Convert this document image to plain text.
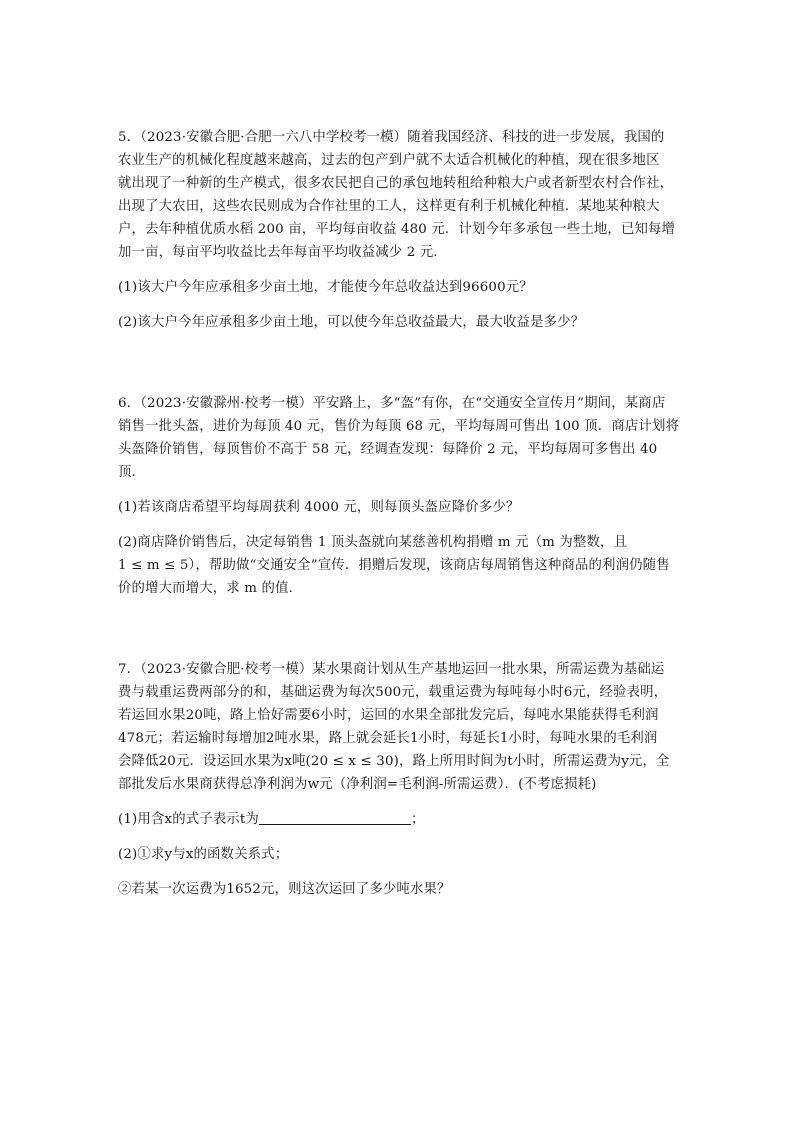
5．（2023·安徽合肥·合肥一六八中学校考一模）随着我国经济、科技的进一步发展，我国的
农业生产的机械化程度越来越高，过去的包产到户就不太适合机械化的种植，现在很多地区
就出现了一种新的生产模式，很多农民把自己的承包地转租给种粮大户或者新型农村合作社，
出现了大农田，这些农民则成为合作社里的工人，这样更有利于机械化种植．某地某种粮大
户，去年种植优质水稻 200 亩，平均每亩收益 480 元．计划今年多承包一些土地，已知每增
加一亩，每亩平均收益比去年每亩平均收益减少 2 元．
(1)该大户今年应承租多少亩土地，才能使今年总收益达到96600元？
(2)该大户今年应承租多少亩土地，可以使今年总收益最大，最大收益是多少？
6．（2023·安徽滁州·校考一模）平安路上，多“盔”有你，在“交通安全宣传月”期间，某商店
销售一批头盔，进价为每顶 40 元，售价为每顶 68 元，平均每周可售出 100 顶．商店计划将
头盔降价销售，每顶售价不高于 58 元，经调查发现：每降价 2 元，平均每周可多售出 40
顶．
(1)若该商店希望平均每周获利 4000 元，则每顶头盔应降价多少？
(2)商店降价销售后，决定每销售 1 顶头盔就向某慈善机构捐赠 m 元（m 为整数，且
1 ≤ m ≤ 5），帮助做“交通安全”宣传．捐赠后发现，该商店每周销售这种商品的利润仍随售
价的增大而增大，求 m 的值．
7．（2023·安徽合肥·校考一模）某水果商计划从生产基地运回一批水果，所需运费为基础运
费与载重运费两部分的和，基础运费为每次500元，载重运费为每吨每小时6元，经验表明，
若运回水果20吨，路上恰好需要6小时，运回的水果全部批发完后，每吨水果能获得毛利润
478元；若运输时每增加2吨水果，路上就会延长1小时，每延长1小时，每吨水果的毛利润
会降低20元．设运回水果为x吨(20 ≤ x ≤ 30)，路上所用时间为t小时，所需运费为y元，全
部批发后水果商获得总净利润为w元（净利润=毛利润-所需运费）．(不考虑损耗)
(1)用含x的式子表示t为	；
(2)①求y与x的函数关系式；
②若某一次运费为1652元，则这次运回了多少吨水果？
